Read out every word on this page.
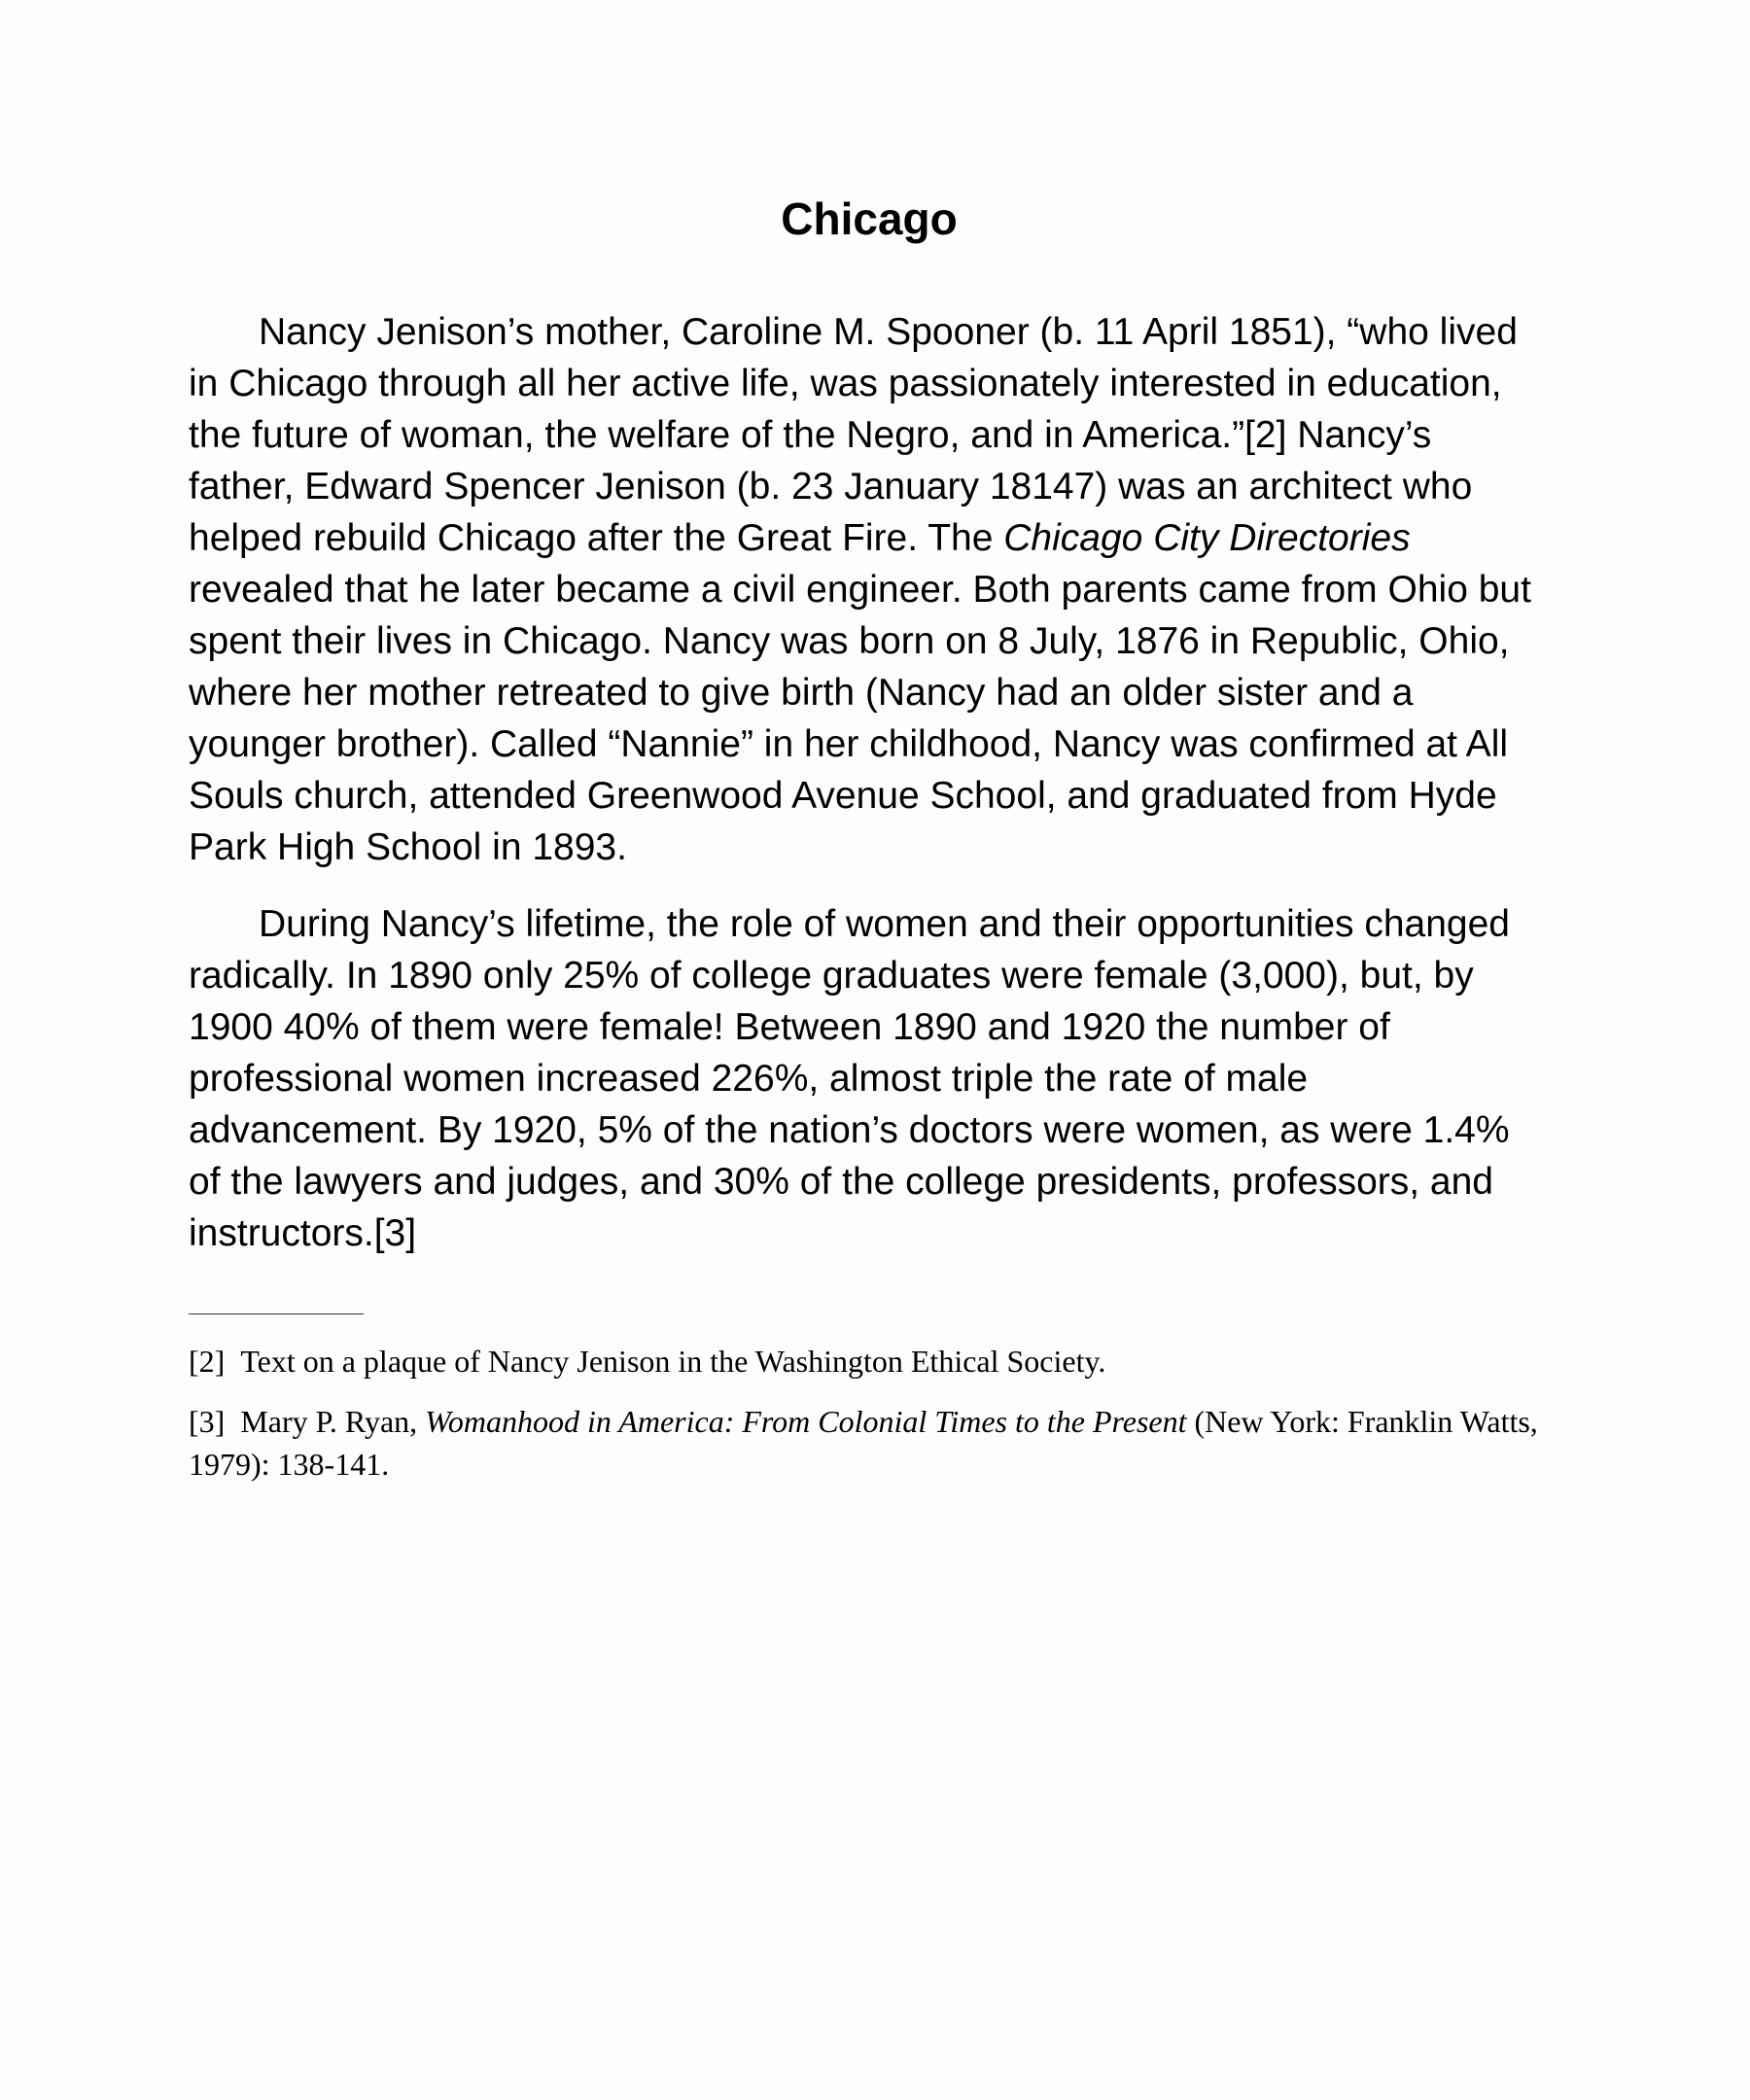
Chicago

Nancy Jenison’s mother, Caroline M. Spooner (b. 11 April 1851), “who lived in Chicago through all her active life, was passionately interested in education, the future of woman, the welfare of the Negro, and in America.”[2] Nancy’s father, Edward Spencer Jenison (b. 23 January 18147) was an architect who helped rebuild Chicago after the Great Fire. The Chicago City Directories revealed that he later became a civil engineer. Both parents came from Ohio but spent their lives in Chicago. Nancy was born on 8 July, 1876 in Republic, Ohio, where her mother retreated to give birth (Nancy had an older sister and a younger brother). Called “Nannie” in her childhood, Nancy was confirmed at All Souls church, attended Greenwood Avenue School, and graduated from Hyde Park High School in 1893.

During Nancy’s lifetime, the role of women and their opportunities changed radically. In 1890 only 25% of college graduates were female (3,000), but, by 1900 40% of them were female! Between 1890 and 1920 the number of professional women increased 226%, almost triple the rate of male advancement. By 1920, 5% of the nation’s doctors were women, as were 1.4% of the lawyers and judges, and 30% of the college presidents, professors, and instructors.[3]

[2] Text on a plaque of Nancy Jenison in the Washington Ethical Society.

[3] Mary P. Ryan, Womanhood in America: From Colonial Times to the Present (New York: Franklin Watts, 1979): 138-141.
